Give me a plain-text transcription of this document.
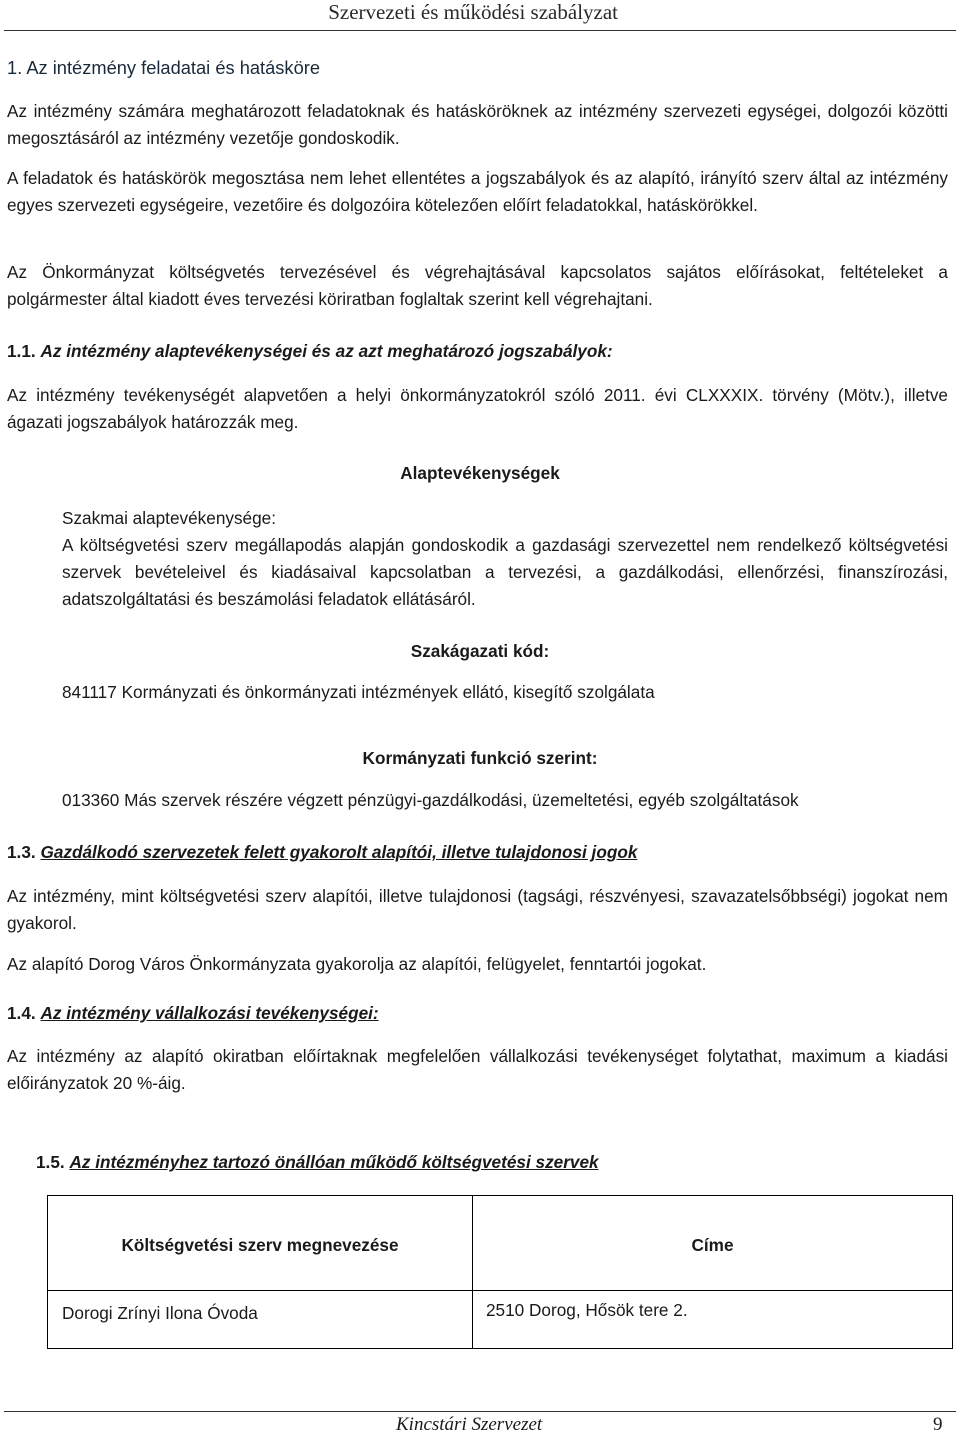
Szervezeti és működési szabályzat
1. Az intézmény feladatai és hatásköre

Az intézmény számára meghatározott feladatoknak és hatásköröknek az intézmény szervezeti egységei, dolgozói közötti megosztásáról az intézmény vezetője gondoskodik.

A feladatok és hatáskörök megosztása nem lehet ellentétes a jogszabályok és az alapító, irányító szerv által az intézmény egyes szervezeti egységeire, vezetőire és dolgozóira kötelezően előírt feladatokkal, hatáskörökkel.

Az Önkormányzat költségvetés tervezésével és végrehajtásával kapcsolatos sajátos előírásokat, feltételeket a polgármester által kiadott éves tervezési köriratban foglaltak szerint kell végrehajtani.

1.1. Az intézmény alaptevékenységei és az azt meghatározó jogszabályok:

Az intézmény tevékenységét alapvetően a helyi önkormányzatokról szóló 2011. évi CLXXXIX. törvény (Mötv.), illetve ágazati jogszabályok határozzák meg.

Alaptevékenységek
Szakmai alaptevékenysége:

A költségvetési szerv megállapodás alapján gondoskodik a gazdasági szervezettel nem rendelkező költségvetési szervek bevételeivel és kiadásaival kapcsolatban a tervezési, a gazdálkodási, ellenőrzési, finanszírozási, adatszolgáltatási és beszámolási feladatok ellátásáról.

Szakágazati kód:
841117 Kormányzati és önkormányzati intézmények ellátó, kisegítő szolgálata
Kormányzati funkció szerint:
013360 Más szervek részére végzett pénzügyi-gazdálkodási, üzemeltetési, egyéb szolgáltatások
1.3. Gazdálkodó szervezetek felett gyakorolt alapítói, illetve tulajdonosi jogok

Az intézmény, mint költségvetési szerv alapítói, illetve tulajdonosi (tagsági, részvényesi, szavazatelsőbbségi) jogokat nem gyakorol.

Az alapító Dorog Város Önkormányzata gyakorolja az alapítói, felügyelet, fenntartói jogokat.

1.4. Az intézmény vállalkozási tevékenységei:

Az intézmény az alapító okiratban előírtaknak megfelelően vállalkozási tevékenységet folytathat, maximum a kiadási előirányzatok 20 %-áig.

1.5. Az intézményhez tartozó önállóan működő költségvetési szervek
Költségvetési szerv megnevezése	Címe
Dorogi Zrínyi Ilona Óvoda	2510 Dorog, Hősök tere 2.
Kincstári Szervezet	9
